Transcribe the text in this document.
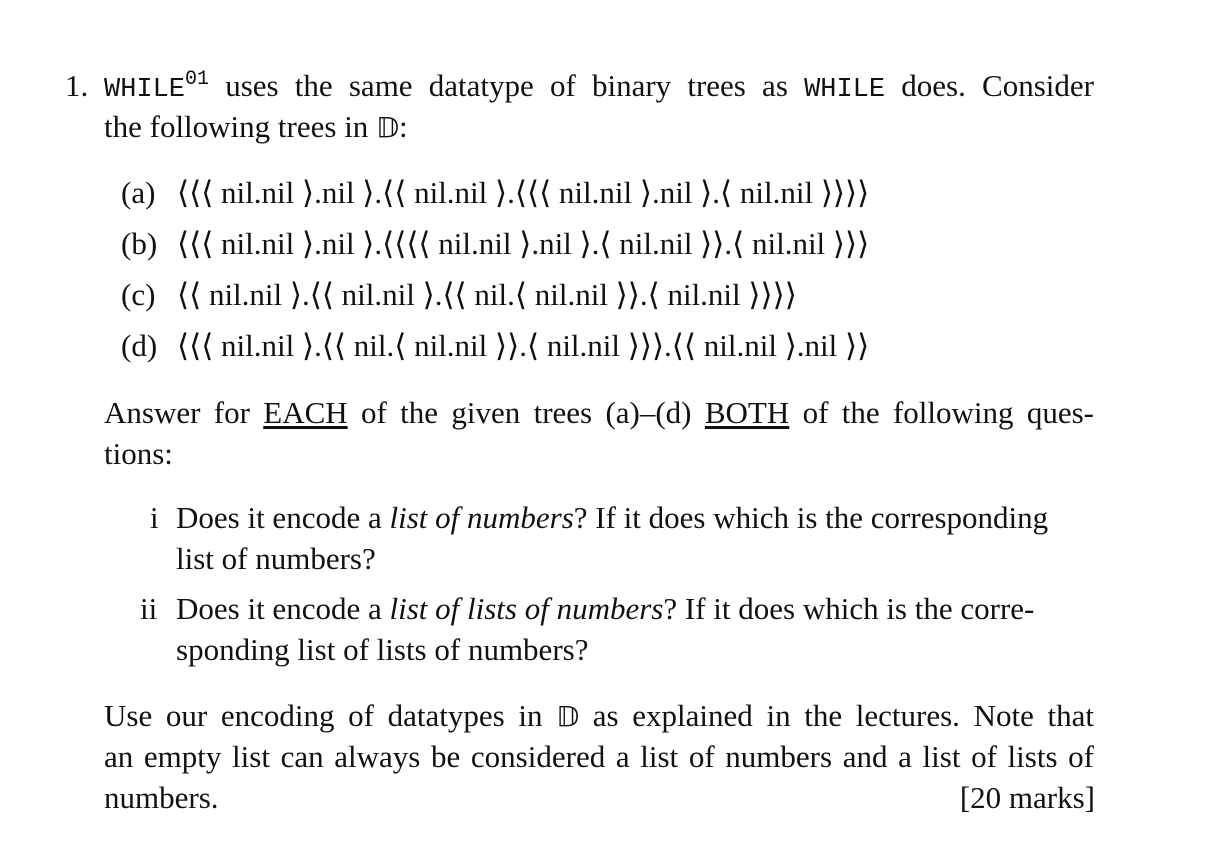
1. WHILE$^{01}$ uses the same datatype of binary trees as WHILE does. Consider
the following trees in 𝔻:
(a) ⟨⟨⟨ nil.nil ⟩.nil ⟩.⟨⟨ nil.nil ⟩.⟨⟨⟨ nil.nil ⟩.nil ⟩.⟨ nil.nil ⟩⟩⟩⟩
(b) ⟨⟨⟨ nil.nil ⟩.nil ⟩.⟨⟨⟨⟨ nil.nil ⟩.nil ⟩.⟨ nil.nil ⟩⟩.⟨ nil.nil ⟩⟩⟩
(c) ⟨⟨ nil.nil ⟩.⟨⟨ nil.nil ⟩.⟨⟨ nil.⟨ nil.nil ⟩⟩.⟨ nil.nil ⟩⟩⟩⟩
(d) ⟨⟨⟨ nil.nil ⟩.⟨⟨ nil.⟨ nil.nil ⟩⟩.⟨ nil.nil ⟩⟩⟩.⟨⟨ nil.nil ⟩.nil ⟩⟩
Answer for EACH of the given trees (a)–(d) BOTH of the following ques-
tions:
i Does it encode a list of numbers? If it does which is the corresponding
list of numbers?
ii Does it encode a list of lists of numbers? If it does which is the corre-
sponding list of lists of numbers?
Use our encoding of datatypes in 𝔻 as explained in the lectures. Note that
an empty list can always be considered a list of numbers and a list of lists of
numbers.	[20 marks]
